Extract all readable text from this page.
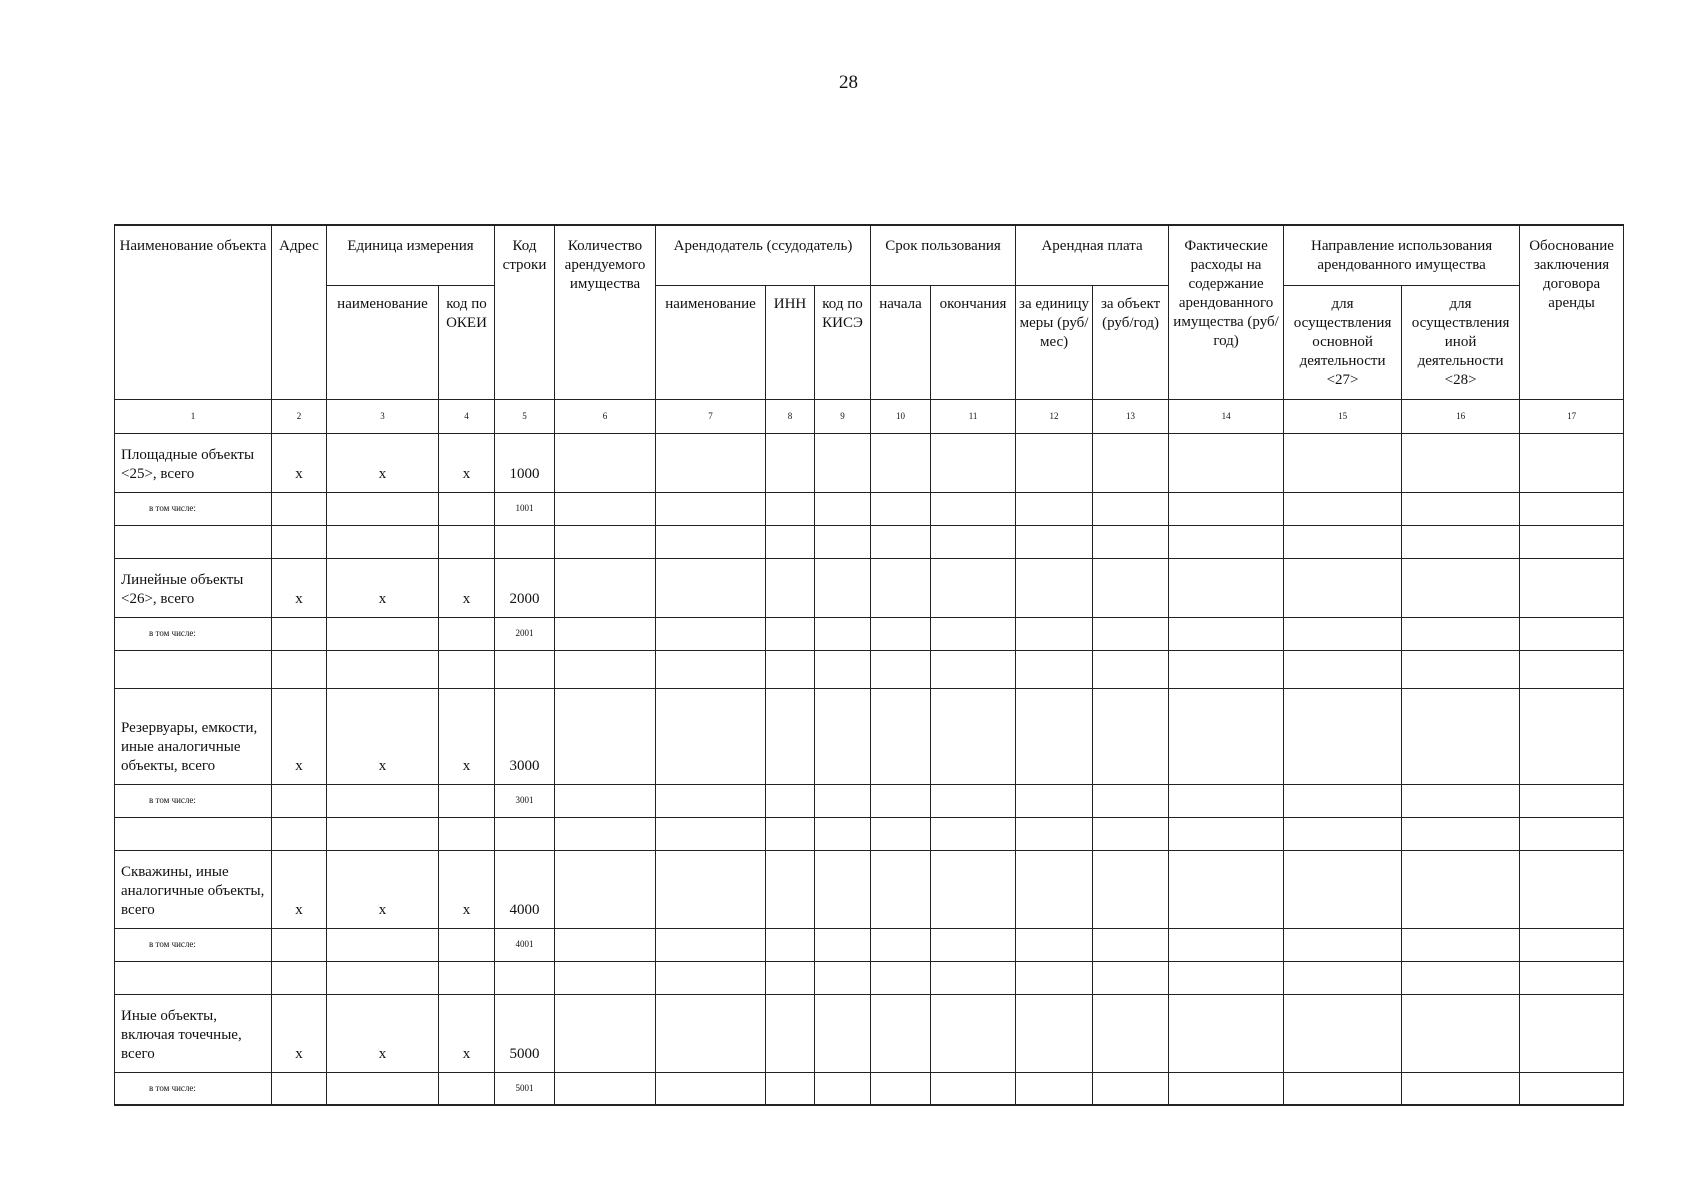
28
Наименование объекта	Адрес	Единица измерения		Код строки	Количество арендуемого имущества	Арендодатель (ссудодатель)			Срок пользования		Арендная плата		Фактические расходы на содержание арендованного имущества (руб/год)	Направление использования арендованного имущества		Обоснование заключения договора аренды
		наименование	код по ОКЕИ			наименование	ИНН	код по КИСЭ	начала	окончания	за единицу меры (руб/мес)	за объект (руб/год)		для осуществления основной деятельности <27>	для осуществления иной деятельности <28>	
1	2	3	4	5	6	7	8	9	10	11	12	13	14	15	16	17
Площадные объекты <25>, всего	x	x	x	1000												
в том числе:				1001												

Линейные объекты <26>, всего	x	x	x	2000												
в том числе:				2001												

Резервуары, емкости, иные аналогичные объекты, всего	x	x	x	3000												
в том числе:				3001												

Скважины, иные аналогичные объекты, всего	x	x	x	4000												
в том числе:				4001												

Иные объекты, включая точечные, всего	x	x	x	5000												
в том числе:				5001												
